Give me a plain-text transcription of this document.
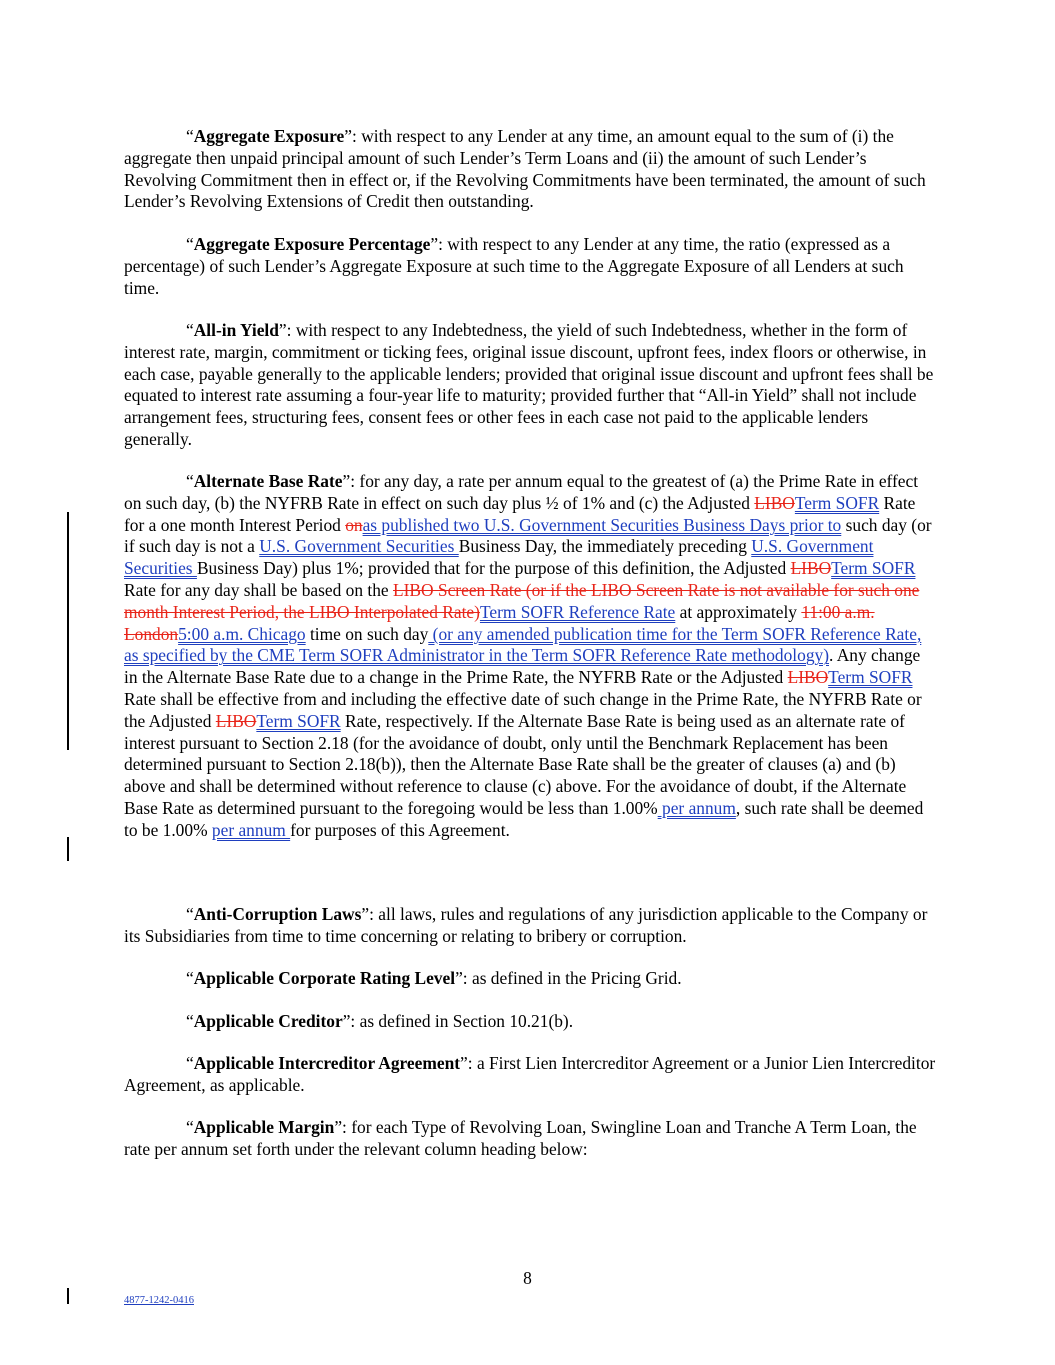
“Aggregate Exposure”: with respect to any Lender at any time, an amount equal to the sum of (i) the aggregate then unpaid principal amount of such Lender’s Term Loans and (ii) the amount of such Lender’s Revolving Commitment then in effect or, if the Revolving Commitments have been terminated, the amount of such Lender’s Revolving Extensions of Credit then outstanding.

“Aggregate Exposure Percentage”: with respect to any Lender at any time, the ratio (expressed as a percentage) of such Lender’s Aggregate Exposure at such time to the Aggregate Exposure of all Lenders at such time.

“All-in Yield”: with respect to any Indebtedness, the yield of such Indebtedness, whether in the form of interest rate, margin, commitment or ticking fees, original issue discount, upfront fees, index floors or otherwise, in each case, payable generally to the applicable lenders; provided that original issue discount and upfront fees shall be equated to interest rate assuming a four-year life to maturity; provided further that “All-in Yield” shall not include arrangement fees, structuring fees, consent fees or other fees in each case not paid to the applicable lenders generally.

“Alternate Base Rate”: for any day, a rate per annum equal to the greatest of (a) the Prime Rate in effect on such day, (b) the NYFRB Rate in effect on such day plus ½ of 1% and (c) the Adjusted LIBOTerm SOFR Rate for a one month Interest Period onas published two U.S. Government Securities Business Days prior to such day (or if such day is not a U.S. Government Securities Business Day, the immediately preceding U.S. Government Securities Business Day) plus 1%; provided that for the purpose of this definition, the Adjusted LIBOTerm SOFR Rate for any day shall be based on the LIBO Screen Rate (or if the LIBO Screen Rate is not available for such one month Interest Period, the LIBO Interpolated Rate)Term SOFR Reference Rate at approximately 11:00 a.m. London5:00 a.m. Chicago time on such day (or any amended publication time for the Term SOFR Reference Rate, as specified by the CME Term SOFR Administrator in the Term SOFR Reference Rate methodology). Any change in the Alternate Base Rate due to a change in the Prime Rate, the NYFRB Rate or the Adjusted LIBOTerm SOFR Rate shall be effective from and including the effective date of such change in the Prime Rate, the NYFRB Rate or the Adjusted LIBOTerm SOFR Rate, respectively. If the Alternate Base Rate is being used as an alternate rate of interest pursuant to Section 2.18 (for the avoidance of doubt, only until the Benchmark Replacement has been determined pursuant to Section 2.18(b)), then the Alternate Base Rate shall be the greater of clauses (a) and (b) above and shall be determined without reference to clause (c) above. For the avoidance of doubt, if the Alternate Base Rate as determined pursuant to the foregoing would be less than 1.00% per annum, such rate shall be deemed to be 1.00% per annum for purposes of this Agreement.

“Anti-Corruption Laws”: all laws, rules and regulations of any jurisdiction applicable to the Company or its Subsidiaries from time to time concerning or relating to bribery or corruption.

“Applicable Corporate Rating Level”: as defined in the Pricing Grid.

“Applicable Creditor”: as defined in Section 10.21(b).

“Applicable Intercreditor Agreement”: a First Lien Intercreditor Agreement or a Junior Lien Intercreditor Agreement, as applicable.

“Applicable Margin”: for each Type of Revolving Loan, Swingline Loan and Tranche A Term Loan, the rate per annum set forth under the relevant column heading below:

8
4877-1242-0416
